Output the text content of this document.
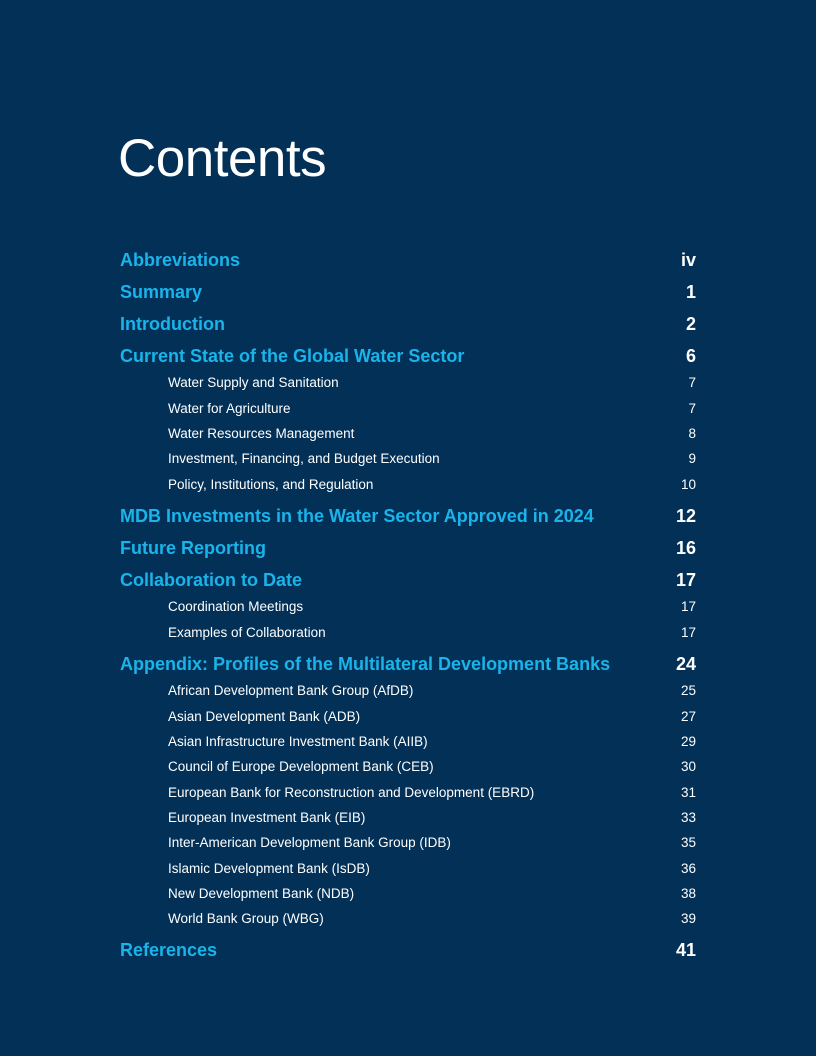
Contents
Abbreviations	iv
Summary	1
Introduction	2
Current State of the Global Water Sector	6
Water Supply and Sanitation	7
Water for Agriculture	7
Water Resources Management	8
Investment, Financing, and Budget Execution	9
Policy, Institutions, and Regulation	10
MDB Investments in the Water Sector Approved in 2024	12
Future Reporting	16
Collaboration to Date	17
Coordination Meetings	17
Examples of Collaboration	17
Appendix: Profiles of the Multilateral Development Banks	24
African Development Bank Group (AfDB)	25
Asian Development Bank (ADB)	27
Asian Infrastructure Investment Bank (AIIB)	29
Council of Europe Development Bank (CEB)	30
European Bank for Reconstruction and Development (EBRD)	31
European Investment Bank (EIB)	33
Inter-American Development Bank Group (IDB)	35
Islamic Development Bank (IsDB)	36
New Development Bank (NDB)	38
World Bank Group (WBG)	39
References	41
